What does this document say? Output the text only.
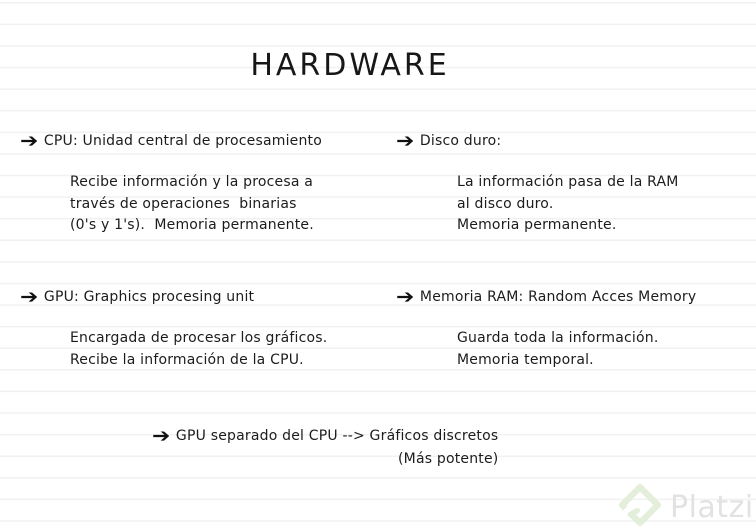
HARDWARE
➔ CPU: Unidad central de procesamiento
Recibe información y la procesa a
través de operaciones  binarias
(0's y 1's).  Memoria permanente.
➔ Disco duro:
La información pasa de la RAM
al disco duro.
Memoria permanente.
➔ GPU: Graphics procesing unit
Encargada de procesar los gráficos.
Recibe la información de la CPU.
➔ Memoria RAM: Random Acces Memory
Guarda toda la información.
Memoria temporal.
➔ GPU separado del CPU --> Gráficos discretos
(Más potente)
Platzi
